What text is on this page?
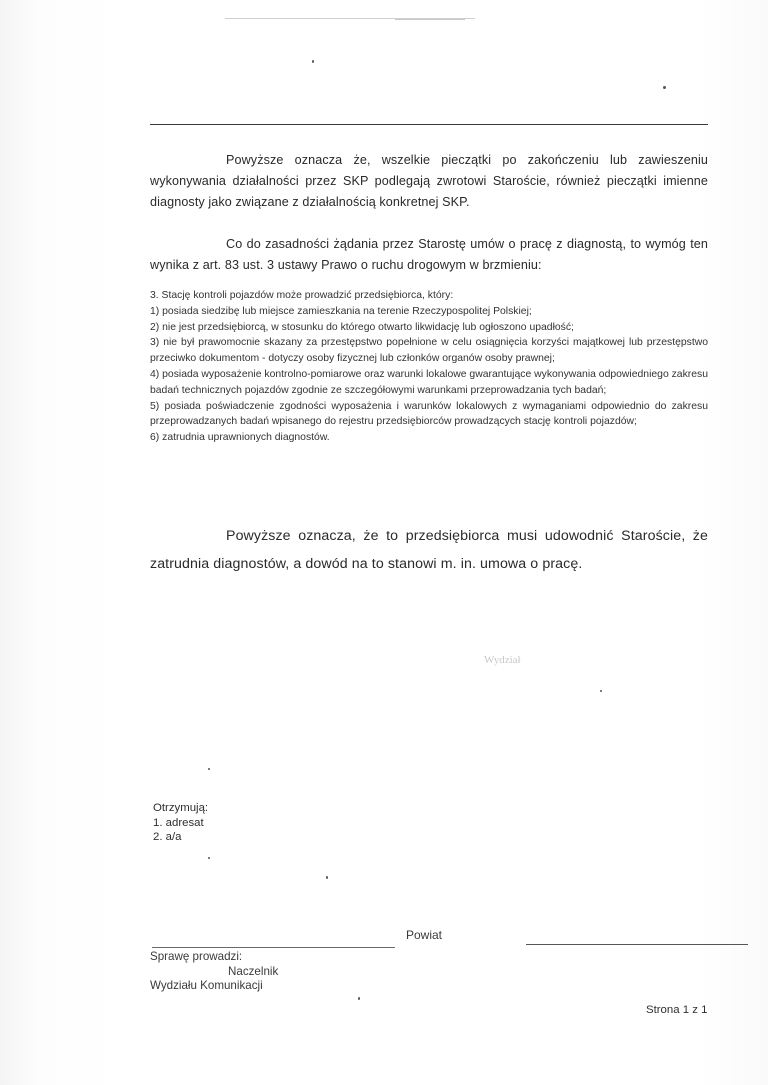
Powyższe oznacza że, wszelkie pieczątki po zakończeniu lub zawieszeniu wykonywania działalności przez SKP podlegają zwrotowi Staroście, również pieczątki imienne diagnosty jako związane z działalnością konkretnej SKP.
Co do zasadności żądania przez Starostę umów o pracę z diagnostą, to wymóg ten wynika z art. 83 ust. 3 ustawy Prawo o ruchu drogowym w brzmieniu:
3. Stację kontroli pojazdów może prowadzić przedsiębiorca, który:
1) posiada siedzibę lub miejsce zamieszkania na terenie Rzeczypospolitej Polskiej;
2) nie jest przedsiębiorcą, w stosunku do którego otwarto likwidację lub ogłoszono upadłość;
3) nie był prawomocnie skazany za przestępstwo popełnione w celu osiągnięcia korzyści majątkowej lub przestępstwo przeciwko dokumentom - dotyczy osoby fizycznej lub członków organów osoby prawnej;
4) posiada wyposażenie kontrolno-pomiarowe oraz warunki lokalowe gwarantujące wykonywania odpowiedniego zakresu badań technicznych pojazdów zgodnie ze szczegółowymi warunkami przeprowadzania tych badań;
5) posiada poświadczenie zgodności wyposażenia i warunków lokalowych z wymaganiami odpowiednio do zakresu przeprowadzanych badań wpisanego do rejestru przedsiębiorców prowadzących stację kontroli pojazdów;
6) zatrudnia uprawnionych diagnostów.
Powyższe oznacza, że to przedsiębiorca musi udowodnić Staroście, że zatrudnia diagnostów, a dowód na to stanowi m. in. umowa o pracę.
Wydział
Otrzymują:
1. adresat
2. a/a
Powiat
Sprawę prowadzi:
Naczelnik
Wydziału Komunikacji
Strona 1 z 1
